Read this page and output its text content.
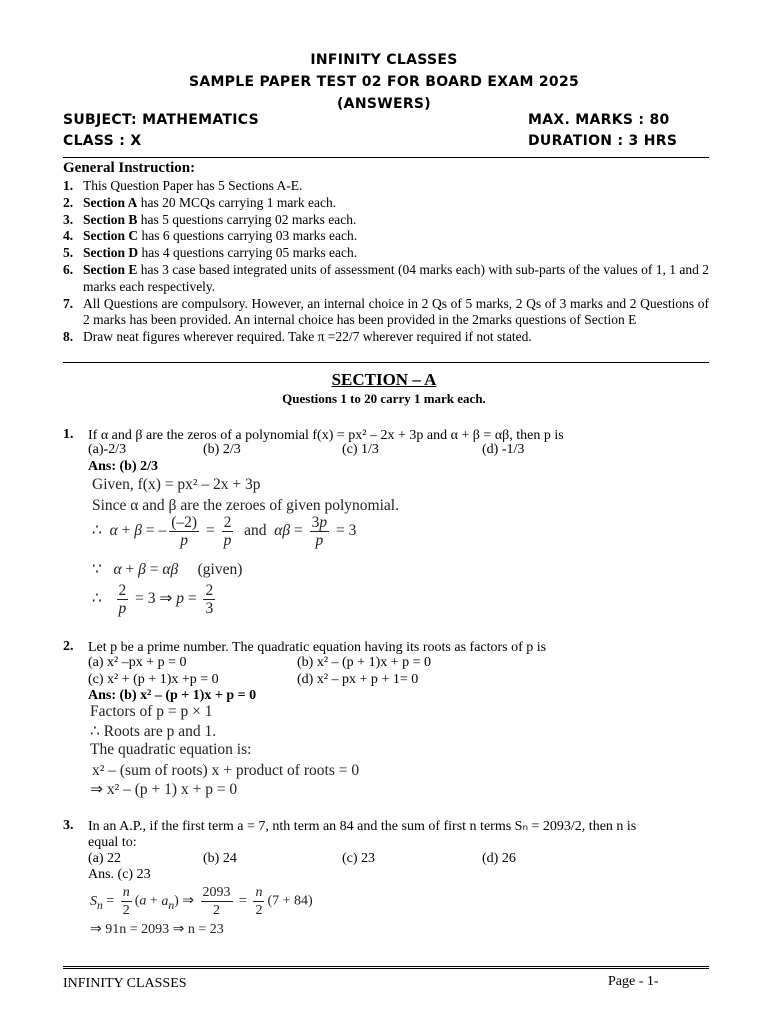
INFINITY CLASSES
SAMPLE PAPER TEST 02 FOR BOARD EXAM 2025
(ANSWERS)
SUBJECT: MATHEMATICS	MAX. MARKS : 80
CLASS : X	DURATION : 3 HRS
General Instruction:
1. This Question Paper has 5 Sections A-E.
2. Section A has 20 MCQs carrying 1 mark each.
3. Section B has 5 questions carrying 02 marks each.
4. Section C has 6 questions carrying 03 marks each.
5. Section D has 4 questions carrying 05 marks each.
6. Section E has 3 case based integrated units of assessment (04 marks each) with sub-parts of the values of 1, 1 and 2 marks each respectively.
7. All Questions are compulsory. However, an internal choice in 2 Qs of 5 marks, 2 Qs of 3 marks and 2 Questions of 2 marks has been provided. An internal choice has been provided in the 2marks questions of Section E
8. Draw neat figures wherever required. Take π =22/7 wherever required if not stated.
SECTION – A
Questions 1 to 20 carry 1 mark each.
1. If α and β are the zeros of a polynomial f(x) = px² – 2x + 3p and α + β = αβ, then p is
(a)-2/3	(b) 2/3	(c) 1/3	(d) -1/3
Ans: (b) 2/3
Given, f(x) = px² – 2x + 3p
Since α and β are the zeroes of given polynomial.
∴  α + β = – $\frac{(-2)}{p} = \frac{2}{p}$ and  $\alpha\beta = \frac{3p}{p} = 3$
∵   α + β = αβ     (given)
∴ $\frac{2}{p} = 3$ ⇒ $p = \frac{2}{3}$
2. Let p be a prime number. The quadratic equation having its roots as factors of p is
(a) x² –px + p = 0	(b) x² – (p + 1)x + p = 0
(c) x² + (p + 1)x +p = 0	(d) x² – px + p + 1= 0
Ans: (b) x² – (p + 1)x + p = 0
Factors of p = p × 1
∴ Roots are p and 1.
The quadratic equation is:
x² – (sum of roots) x + product of roots = 0
⇒ x² – (p + 1) x + p = 0
3. In an A.P., if the first term a = 7, nth term an 84 and the sum of first n terms Sₙ = 2093/2, then n is
equal to:
(a) 22	(b) 24	(c) 23	(d) 26
Ans. (c) 23
$S_n = \frac{n}{2} (a + a_n)$ ⇒ $\frac{2093}{2} = \frac{n}{2} (7 + 84)$
⇒ 91n = 2093 ⇒ n = 23
INFINITY CLASSES	Page - 1-
